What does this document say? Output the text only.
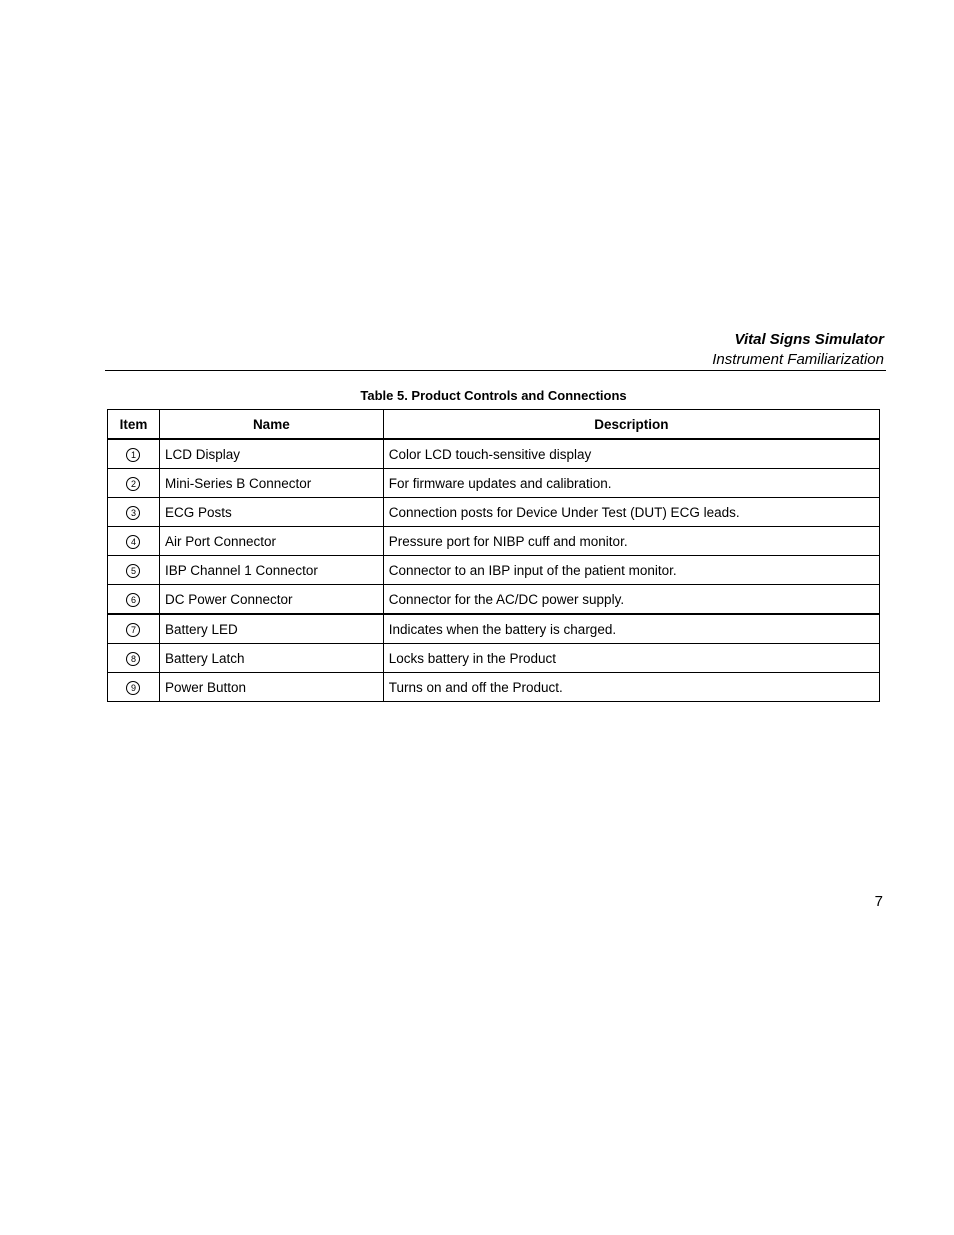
Vital Signs Simulator
Instrument Familiarization
Table 5. Product Controls and Connections
Item	Name	Description
1	LCD Display	Color LCD touch-sensitive display
2	Mini-Series B Connector	For firmware updates and calibration.
3	ECG Posts	Connection posts for Device Under Test (DUT) ECG leads.
4	Air Port Connector	Pressure port for NIBP cuff and monitor.
5	IBP Channel 1 Connector	Connector to an IBP input of the patient monitor.
6	DC Power Connector	Connector for the AC/DC power supply.
7	Battery LED	Indicates when the battery is charged.
8	Battery Latch	Locks battery in the Product
9	Power Button	Turns on and off the Product.
7
